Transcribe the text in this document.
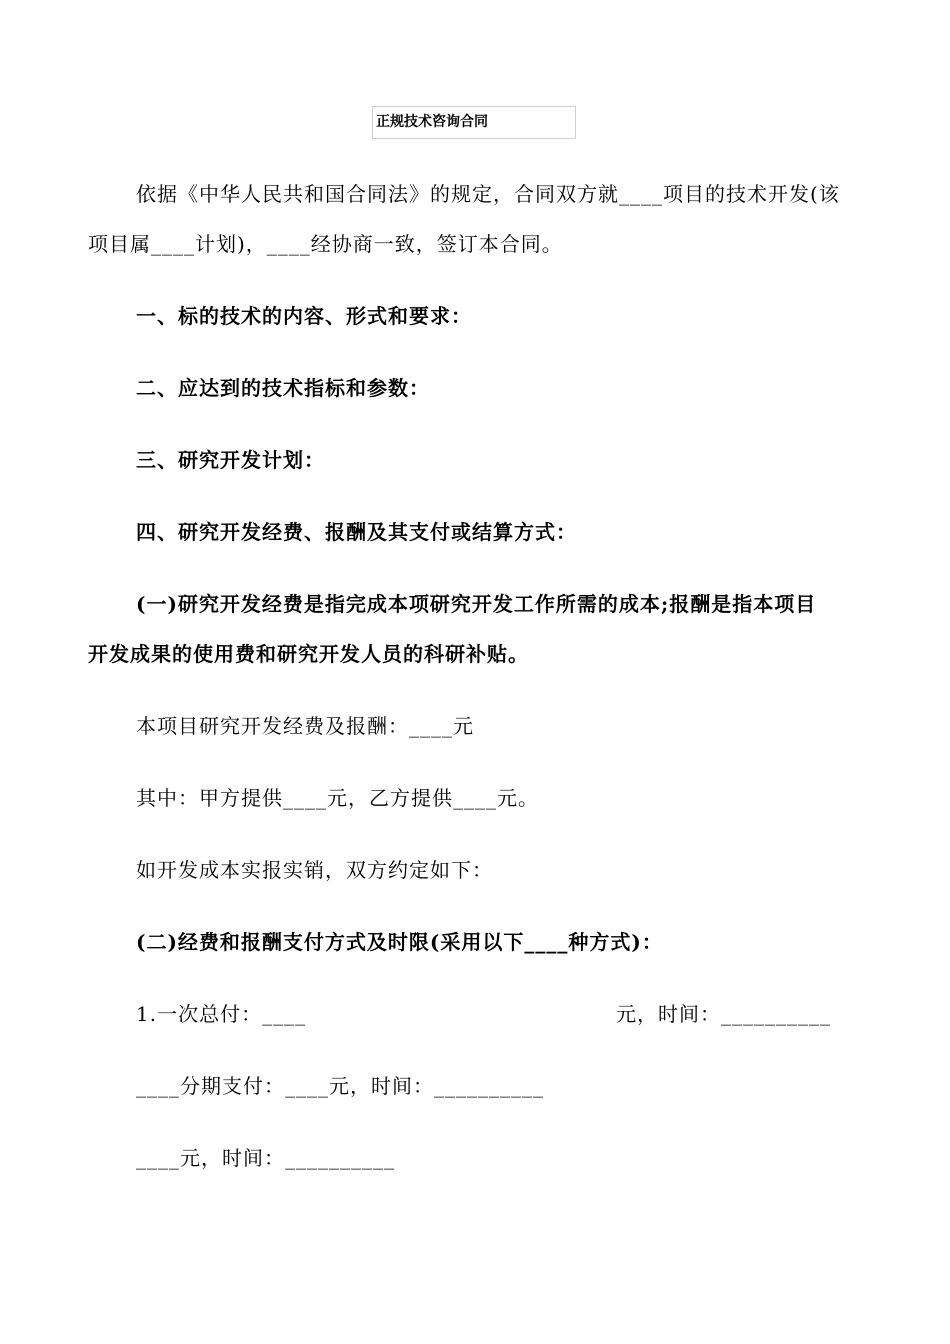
正规技术咨询合同
依据《中华人民共和国合同法》的规定，合同双方就____项目的技术开发(该
项目属____计划)，____经协商一致，签订本合同。
一、标的技术的内容、形式和要求：
二、应达到的技术指标和参数：
三、研究开发计划：
四、研究开发经费、报酬及其支付或结算方式：
(一)研究开发经费是指完成本项研究开发工作所需的成本;报酬是指本项目
开发成果的使用费和研究开发人员的科研补贴。
本项目研究开发经费及报酬：____元
其中：甲方提供____元，乙方提供____元。
如开发成本实报实销，双方约定如下：
(二)经费和报酬支付方式及时限(采用以下____种方式)：
1.一次总付：____	元，时间：__________
____分期支付：____元，时间：__________
____元，时间：__________
